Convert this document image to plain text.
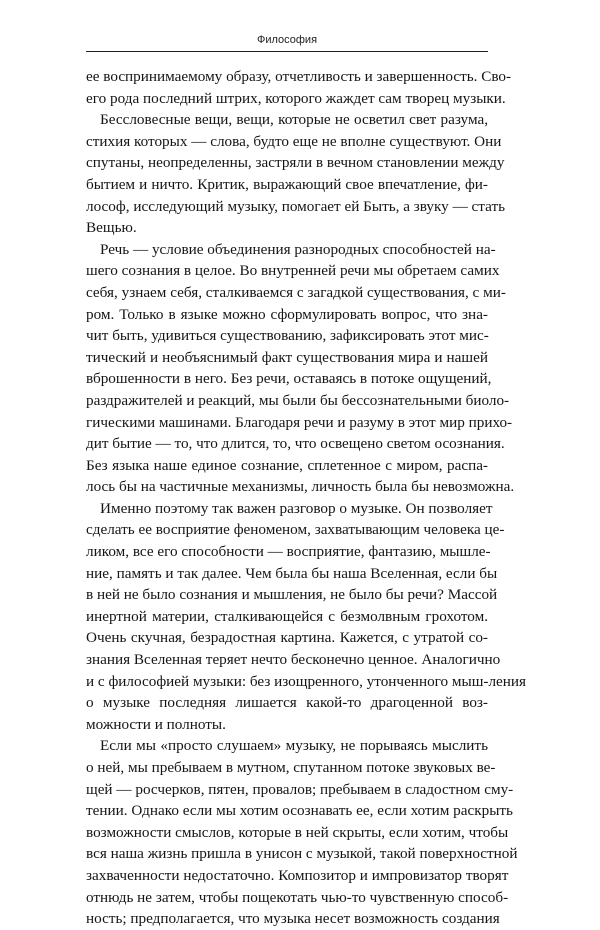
Философия
ее воспринимаемому образу, отчетливость и завершенность. Сво-
его рода последний штрих, которого жаждет сам творец музыки.
Бессловесные вещи, вещи, которые не осветил свет разума,
стихия которых — слова, будто еще не вполне существуют. Они
спутаны, неопределенны, застряли в вечном становлении между
бытием и ничто. Критик, выражающий свое впечатление, фи-
лософ, исследующий музыку, помогает ей Быть, а звуку — стать
Вещью.
Речь — условие объединения разнородных способностей на-
шего сознания в целое. Во внутренней речи мы обретаем самих
себя, узнаем себя, сталкиваемся с загадкой существования, с ми-
ром. Только в языке можно сформулировать вопрос, что зна-
чит быть, удивиться существованию, зафиксировать этот мис-
тический и необъяснимый факт существования мира и нашей
вброшенности в него. Без речи, оставаясь в потоке ощущений,
раздражителей и реакций, мы были бы бессознательными биоло-
гическими машинами. Благодаря речи и разуму в этот мир прихо-
дит бытие — то, что длится, то, что освещено светом осознания.
Без языка наше единое сознание, сплетенное с миром, распа-
лось бы на частичные механизмы, личность была бы невозможна.
Именно поэтому так важен разговор о музыке. Он позволяет
сделать ее восприятие феноменом, захватывающим человека це-
ликом, все его способности — восприятие, фантазию, мышле-
ние, память и так далее. Чем была бы наша Вселенная, если бы
в ней не было сознания и мышления, не было бы речи? Массой
инертной материи, сталкивающейся с безмолвным грохотом.
Очень скучная, безрадостная картина. Кажется, с утратой со-
знания Вселенная теряет нечто бесконечно ценное. Аналогично
и с философией музыки: без изощренного, утонченного мыш-ления
о музыке последняя лишается какой-то драгоценной воз-
можности и полноты.
Если мы «просто слушаем» музыку, не порываясь мыслить
о ней, мы пребываем в мутном, спутанном потоке звуковых ве-
щей — росчерков, пятен, провалов; пребываем в сладостном сму-
тении. Однако если мы хотим осознавать ее, если хотим раскрыть
возможности смыслов, которые в ней скрыты, если хотим, чтобы
вся наша жизнь пришла в унисон с музыкой, такой поверхностной
захваченности недостаточно. Композитор и импровизатор творят
отнюдь не затем, чтобы пощекотать чью-то чувственную способ-
ность; предполагается, что музыка несет возможность создания
